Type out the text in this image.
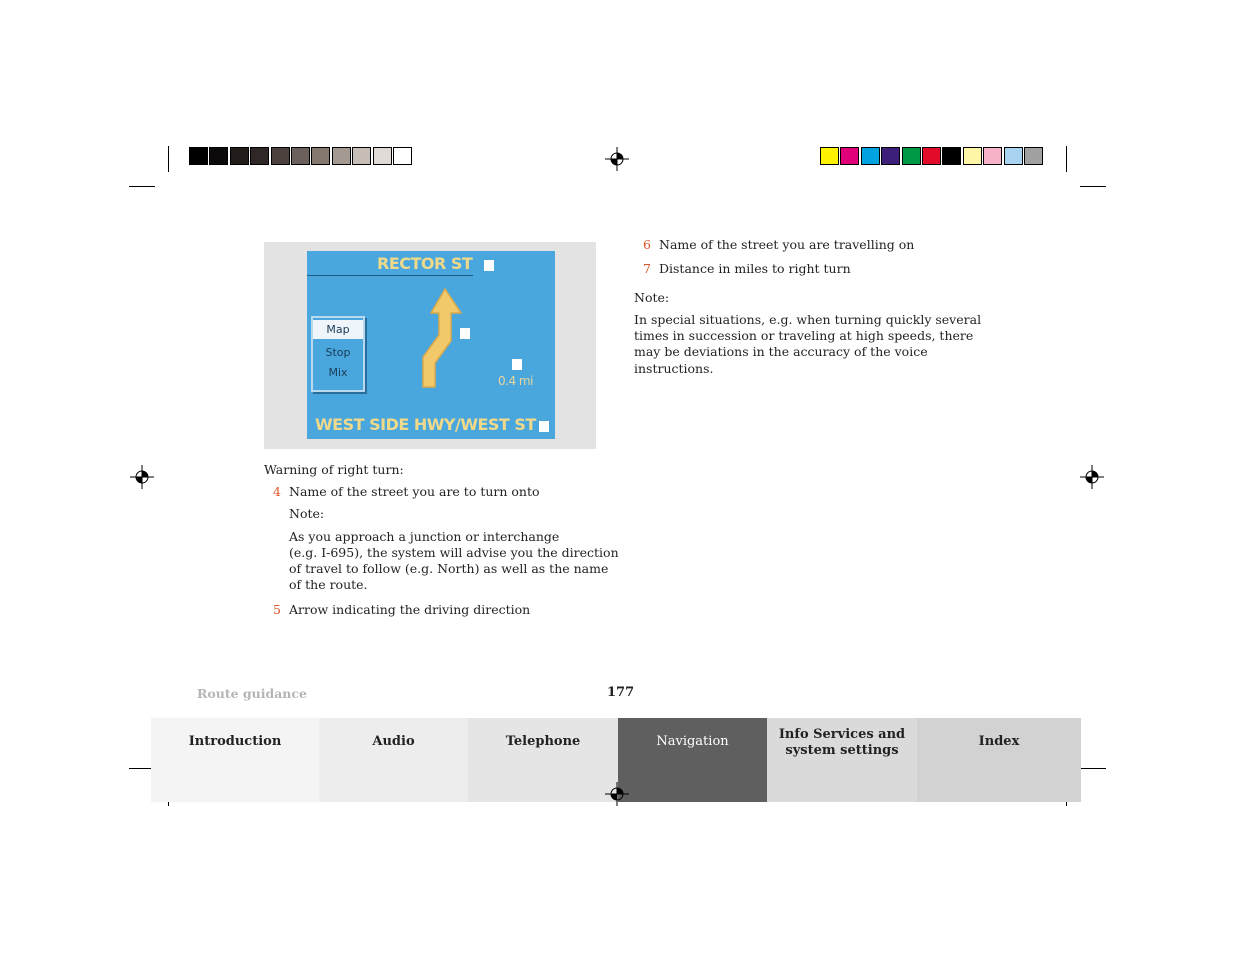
RECTOR ST
Map
Stop
Mix
0.4 mi
WEST SIDE HWY/WEST ST
Warning of right turn:
4 Name of the street you are to turn onto
Note:
As you approach a junction or interchange
(e.g. I-695), the system will advise you the direction
of travel to follow (e.g. North) as well as the name
of the route.
5 Arrow indicating the driving direction
6 Name of the street you are travelling on
7 Distance in miles to right turn
Note:
In special situations, e.g. when turning quickly several
times in succession or traveling at high speeds, there
may be deviations in the accuracy of the voice
instructions.
Route guidance	177
Introduction	Audio	Telephone	Navigation	Info Services and
system settings
Index
